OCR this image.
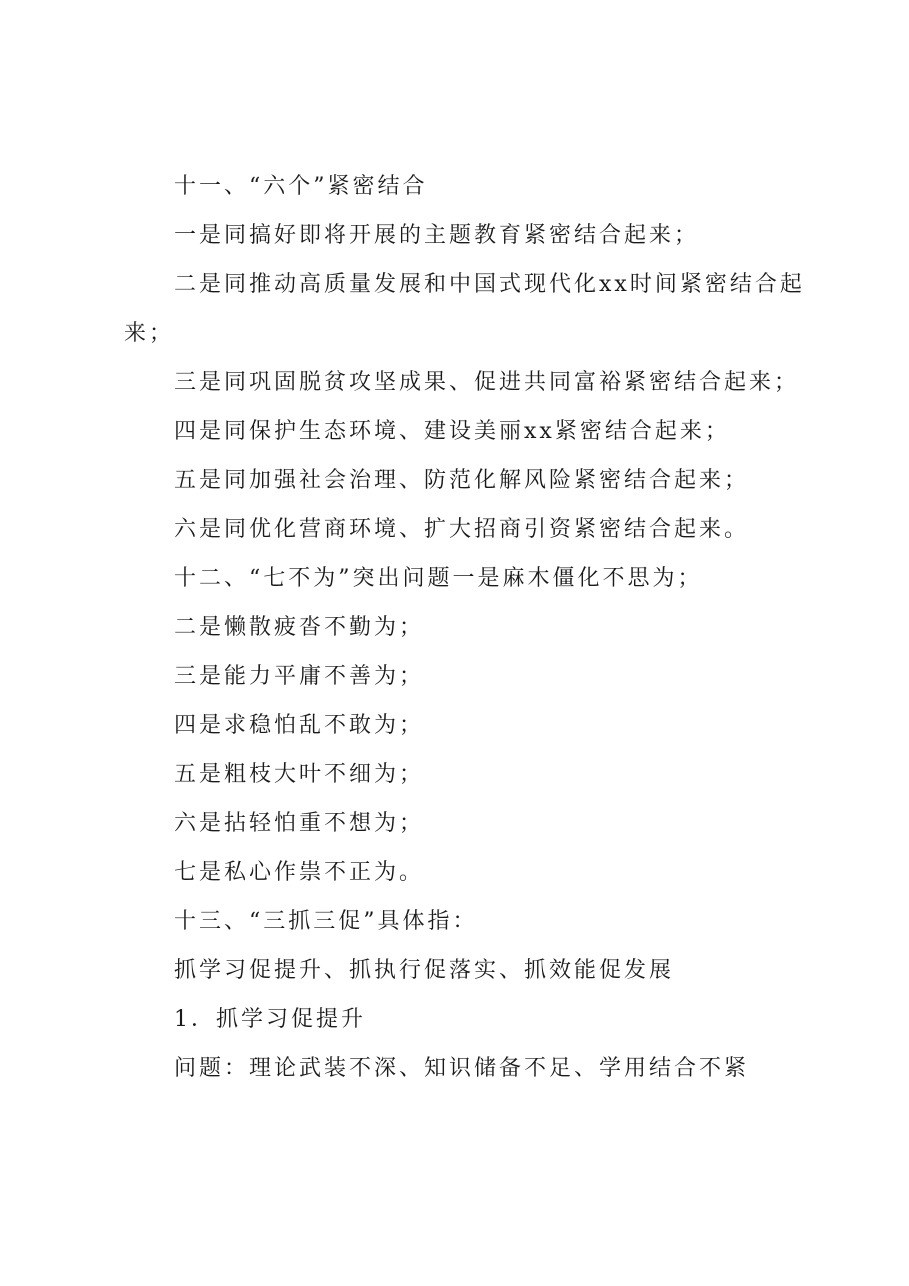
十一、“六个”紧密结合

一是同搞好即将开展的主题教育紧密结合起来；

二是同推动高质量发展和中国式现代化xx时间紧密结合起来；

三是同巩固脱贫攻坚成果、促进共同富裕紧密结合起来；

四是同保护生态环境、建设美丽xx紧密结合起来；

五是同加强社会治理、防范化解风险紧密结合起来；

六是同优化营商环境、扩大招商引资紧密结合起来。

十二、“七不为”突出问题一是麻木僵化不思为；

二是懒散疲沓不勤为；

三是能力平庸不善为；

四是求稳怕乱不敢为；

五是粗枝大叶不细为；

六是拈轻怕重不想为；

七是私心作祟不正为。

十三、“三抓三促”具体指：

抓学习促提升、抓执行促落实、抓效能促发展

1．抓学习促提升

问题：理论武装不深、知识储备不足、学用结合不紧
